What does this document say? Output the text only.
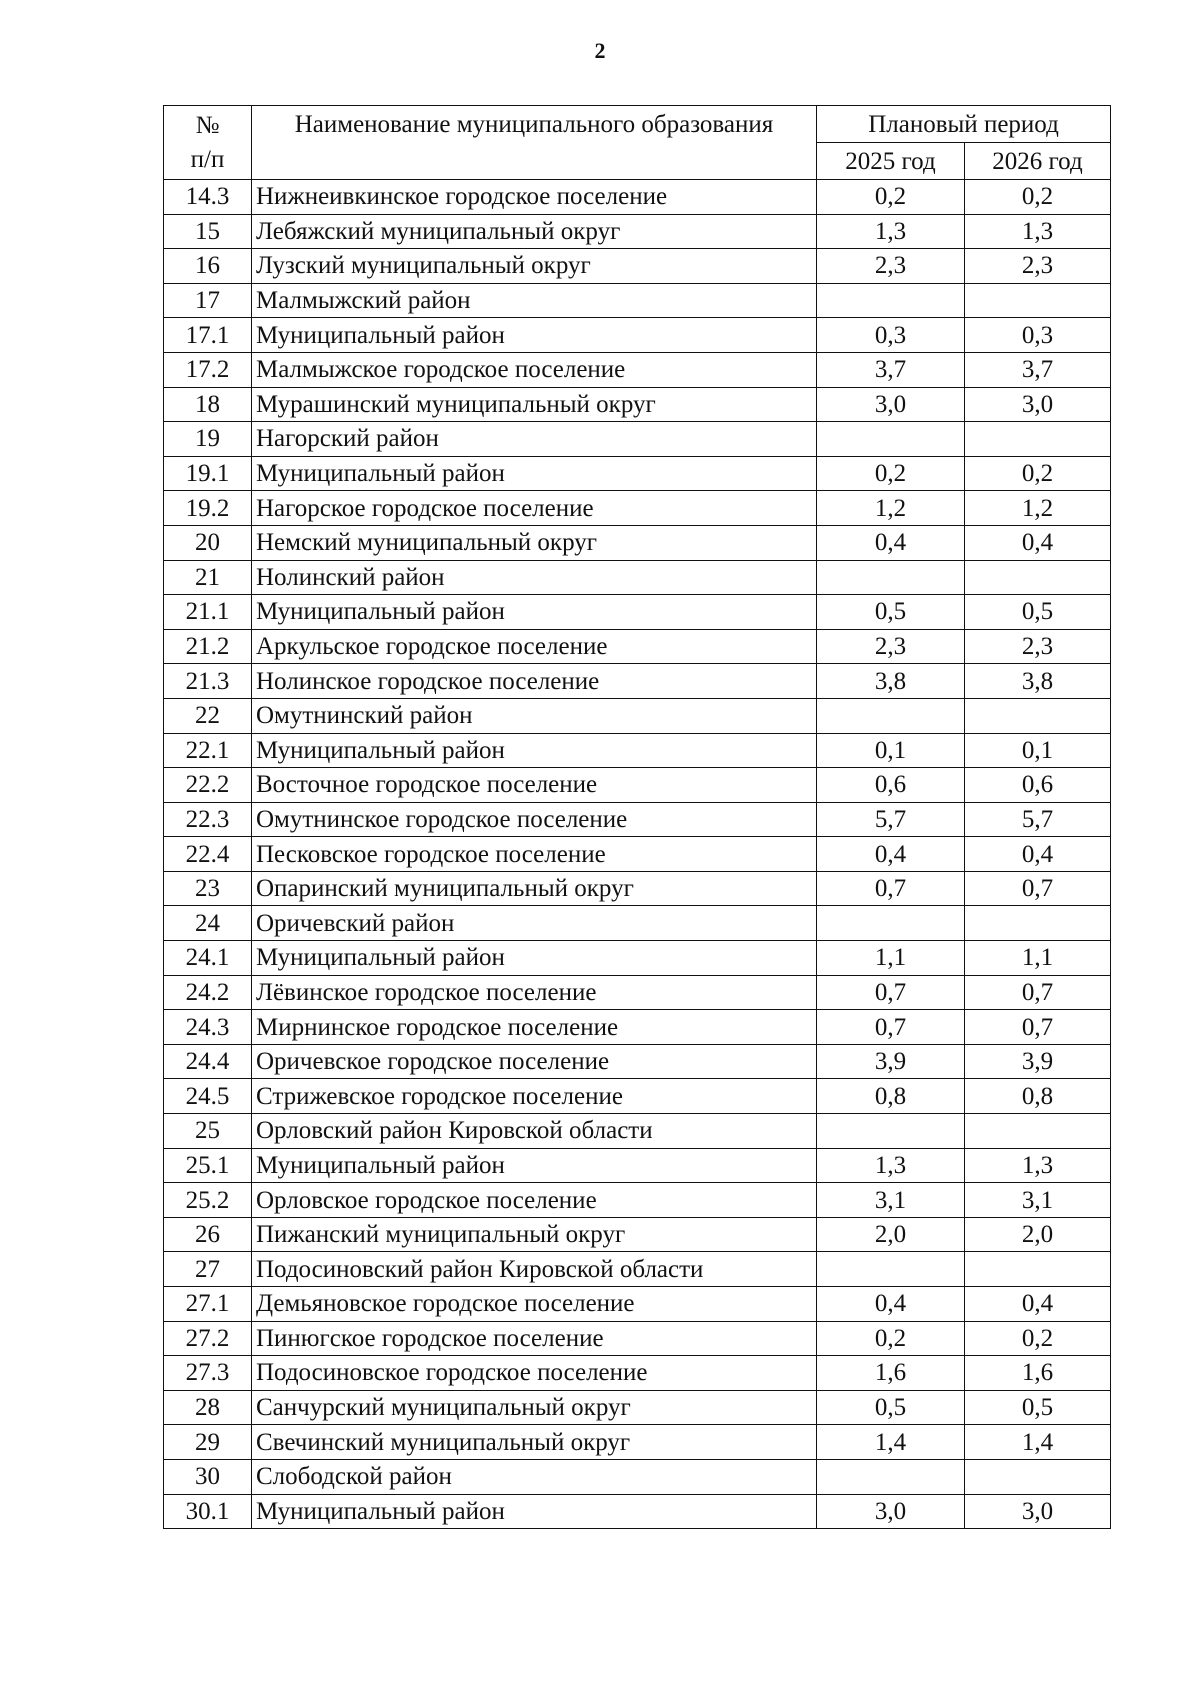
2
№
п/п	Наименование муниципального образования	Плановый период	
		2025 год	2026 год
14.3	Нижнеивкинское городское поселение	0,2	0,2
15	Лебяжский муниципальный округ	1,3	1,3
16	Лузский муниципальный округ	2,3	2,3
17	Малмыжский район		
17.1	Муниципальный район	0,3	0,3
17.2	Малмыжское городское поселение	3,7	3,7
18	Мурашинский муниципальный округ	3,0	3,0
19	Нагорский район		
19.1	Муниципальный район	0,2	0,2
19.2	Нагорское городское поселение	1,2	1,2
20	Немский муниципальный округ	0,4	0,4
21	Нолинский район		
21.1	Муниципальный район	0,5	0,5
21.2	Аркульское городское поселение	2,3	2,3
21.3	Нолинское городское поселение	3,8	3,8
22	Омутнинский район		
22.1	Муниципальный район	0,1	0,1
22.2	Восточное городское поселение	0,6	0,6
22.3	Омутнинское городское поселение	5,7	5,7
22.4	Песковское городское поселение	0,4	0,4
23	Опаринский муниципальный округ	0,7	0,7
24	Оричевский район		
24.1	Муниципальный район	1,1	1,1
24.2	Лёвинское городское поселение	0,7	0,7
24.3	Мирнинское городское поселение	0,7	0,7
24.4	Оричевское городское поселение	3,9	3,9
24.5	Стрижевское городское поселение	0,8	0,8
25	Орловский район Кировской области		
25.1	Муниципальный район	1,3	1,3
25.2	Орловское городское поселение	3,1	3,1
26	Пижанский муниципальный округ	2,0	2,0
27	Подосиновский район Кировской области		
27.1	Демьяновское городское поселение	0,4	0,4
27.2	Пинюгское городское поселение	0,2	0,2
27.3	Подосиновское городское поселение	1,6	1,6
28	Санчурский муниципальный округ	0,5	0,5
29	Свечинский муниципальный округ	1,4	1,4
30	Слободской район		
30.1	Муниципальный район	3,0	3,0
